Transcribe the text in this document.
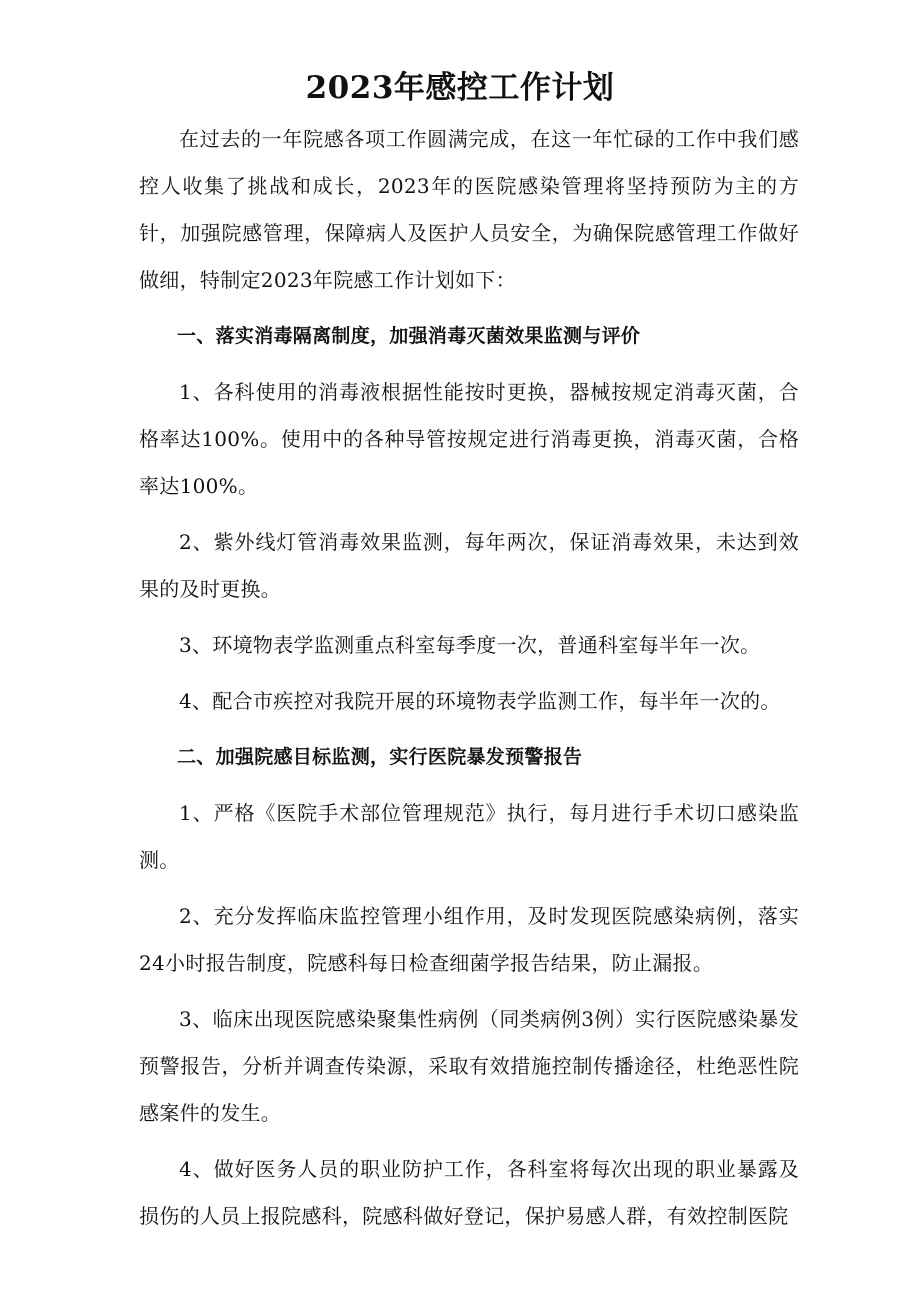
2023年感控工作计划

在过去的一年院感各项工作圆满完成，在这一年忙碌的工作中我们感控人收集了挑战和成长，2023年的医院感染管理将坚持预防为主的方针，加强院感管理，保障病人及医护人员安全，为确保院感管理工作做好做细，特制定2023年院感工作计划如下：

一、落实消毒隔离制度，加强消毒灭菌效果监测与评价

1、各科使用的消毒液根据性能按时更换，器械按规定消毒灭菌，合格率达100%。使用中的各种导管按规定进行消毒更换，消毒灭菌，合格率达100%。

2、紫外线灯管消毒效果监测，每年两次，保证消毒效果，未达到效果的及时更换。

3、环境物表学监测重点科室每季度一次，普通科室每半年一次。

4、配合市疾控对我院开展的环境物表学监测工作，每半年一次的。

二、加强院感目标监测，实行医院暴发预警报告

1、严格《医院手术部位管理规范》执行，每月进行手术切口感染监测。

2、充分发挥临床监控管理小组作用，及时发现医院感染病例，落实24小时报告制度，院感科每日检查细菌学报告结果，防止漏报。

3、临床出现医院感染聚集性病例（同类病例3例）实行医院感染暴发预警报告，分析并调查传染源，采取有效措施控制传播途径，杜绝恶性院感案件的发生。

4、做好医务人员的职业防护工作，各科室将每次出现的职业暴露及损伤的人员上报院感科，院感科做好登记，保护易感人群，有效控制医院
